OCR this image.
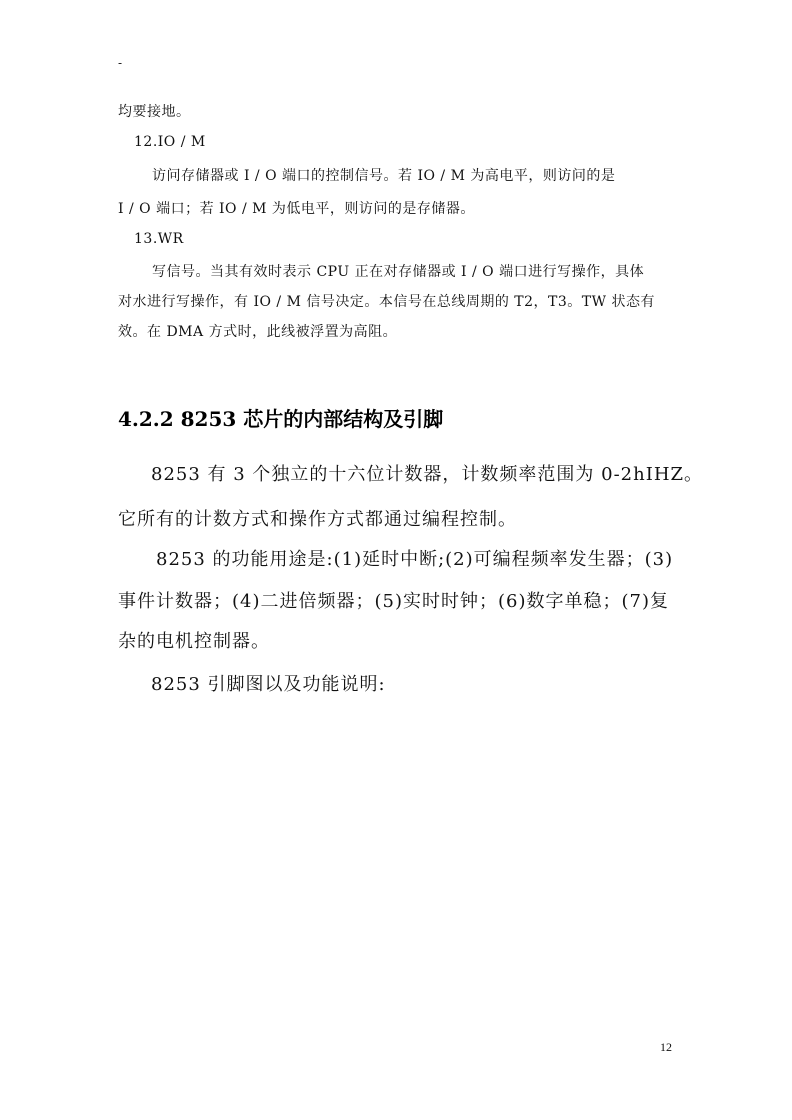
-
均要接地。
12.IO / M
访问存储器或 I / O 端口的控制信号。若 IO / M 为高电平，则访问的是
I / O 端口；若 IO / M 为低电平，则访问的是存储器。
13.WR
写信号。当其有效时表示 CPU 正在对存储器或 I / O 端口进行写操作，具体
对水进行写操作，有 IO / M 信号决定。本信号在总线周期的 T2，T3。TW 状态有
效。在 DMA 方式时，此线被浮置为高阻。
4.2.2 8253 芯片的内部结构及引脚
8253 有 3 个独立的十六位计数器，计数频率范围为 0-2hIHZ。
它所有的计数方式和操作方式都通过编程控制。
8253 的功能用途是:(1)延时中断;(2)可编程频率发生器；(3)
事件计数器；(4)二进倍频器；(5)实时时钟；(6)数字单稳；(7)复
杂的电机控制器。
8253 引脚图以及功能说明:
12
